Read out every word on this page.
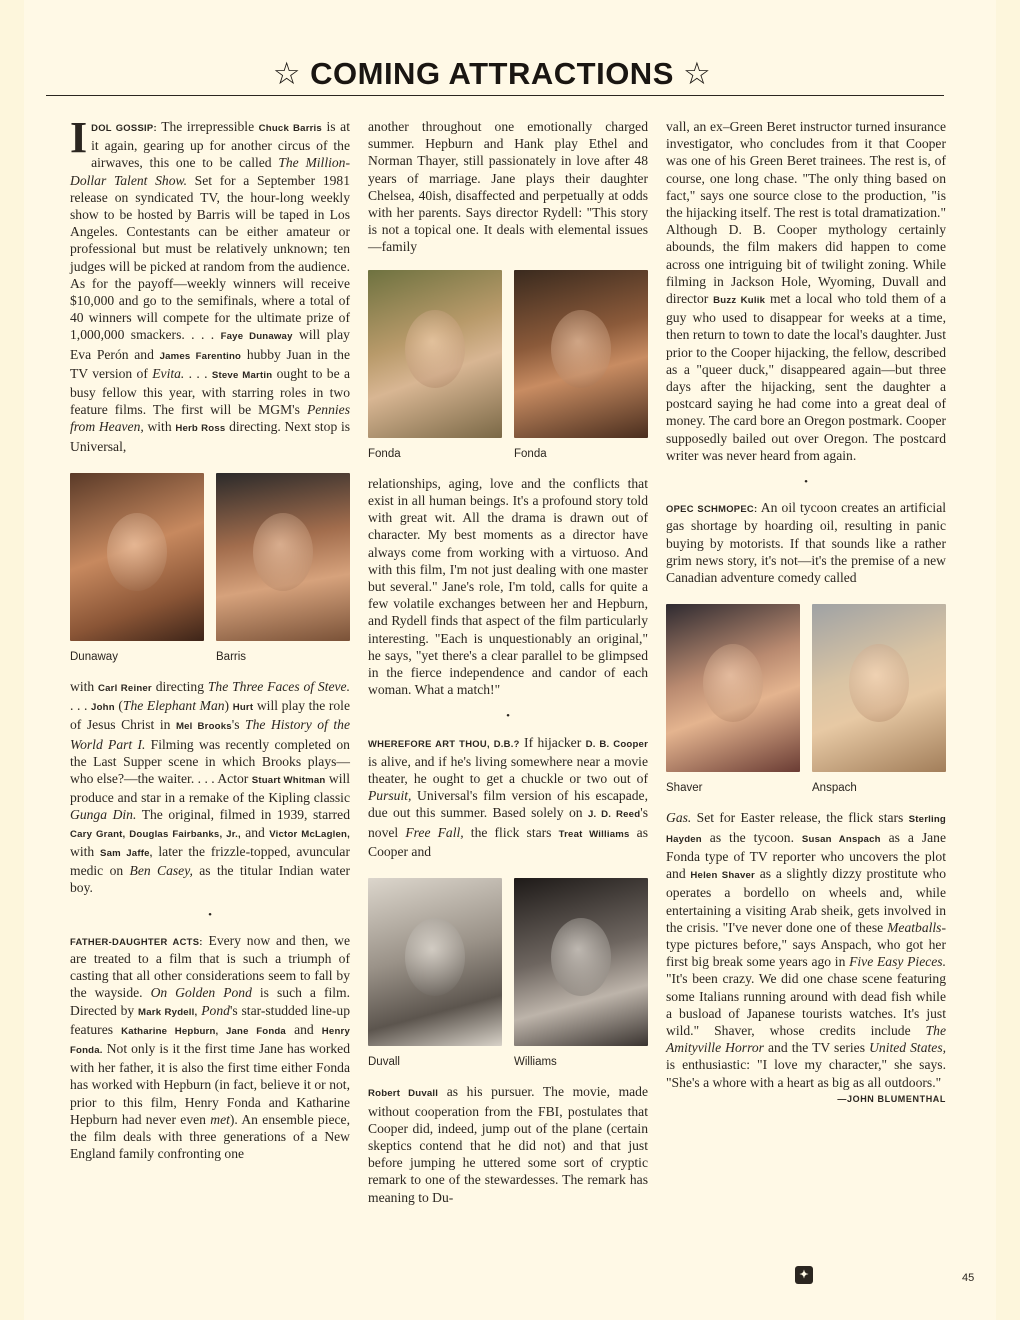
☆ COMING ATTRACTIONS ☆

IDOL GOSSIP: The irrepressible Chuck Barris is at it again, gearing up for another circus of the airwaves, this one to be called The Million-Dollar Talent Show. Set for a September 1981 release on syndicated TV, the hour-long weekly show to be hosted by Barris will be taped in Los Angeles. Contestants can be either amateur or professional but must be relatively unknown; ten judges will be picked at random from the audience. As for the payoff—weekly winners will receive $10,000 and go to the semifinals, where a total of 40 winners will compete for the ultimate prize of 1,000,000 smackers. . . . Faye Dunaway will play Eva Perón and James Farentino hubby Juan in the TV version of Evita. . . . Steve Martin ought to be a busy fellow this year, with starring roles in two feature films. The first will be MGM's Pennies from Heaven, with Herb Ross directing. Next stop is Universal,

Dunaway	Barris

with Carl Reiner directing The Three Faces of Steve. . . . John (The Elephant Man) Hurt will play the role of Jesus Christ in Mel Brooks's The History of the World Part I. Filming was recently completed on the Last Supper scene in which Brooks plays—who else?—the waiter. . . . Actor Stuart Whitman will produce and star in a remake of the Kipling classic Gunga Din. The original, filmed in 1939, starred Cary Grant, Douglas Fairbanks, Jr., and Victor McLaglen, with Sam Jaffe, later the frizzle-topped, avuncular medic on Ben Casey, as the titular Indian water boy.

•

FATHER-DAUGHTER ACTS: Every now and then, we are treated to a film that is such a triumph of casting that all other considerations seem to fall by the wayside. On Golden Pond is such a film. Directed by Mark Rydell, Pond's star-studded line-up features Katharine Hepburn, Jane Fonda and Henry Fonda. Not only is it the first time Jane has worked with her father, it is also the first time either Fonda has worked with Hepburn (in fact, believe it or not, prior to this film, Henry Fonda and Katharine Hepburn had never even met). An ensemble piece, the film deals with three generations of a New England family confronting one

another throughout one emotionally charged summer. Hepburn and Hank play Ethel and Norman Thayer, still passionately in love after 48 years of marriage. Jane plays their daughter Chelsea, 40ish, disaffected and perpetually at odds with her parents. Says director Rydell: "This story is not a topical one. It deals with elemental issues—family

Fonda	Fonda

relationships, aging, love and the conflicts that exist in all human beings. It's a profound story told with great wit. All the drama is drawn out of character. My best moments as a director have always come from working with a virtuoso. And with this film, I'm not just dealing with one master but several." Jane's role, I'm told, calls for quite a few volatile exchanges between her and Hepburn, and Rydell finds that aspect of the film particularly interesting. "Each is unquestionably an original," he says, "yet there's a clear parallel to be glimpsed in the fierce independence and candor of each woman. What a match!"

•

WHEREFORE ART THOU, D.B.? If hijacker D. B. Cooper is alive, and if he's living somewhere near a movie theater, he ought to get a chuckle or two out of Pursuit, Universal's film version of his escapade, due out this summer. Based solely on J. D. Reed's novel Free Fall, the flick stars Treat Williams as Cooper and

Duvall	Williams

Robert Duvall as his pursuer. The movie, made without cooperation from the FBI, postulates that Cooper did, indeed, jump out of the plane (certain skeptics contend that he did not) and that just before jumping he uttered some sort of cryptic remark to one of the stewardesses. The remark has meaning to Du-

vall, an ex–Green Beret instructor turned insurance investigator, who concludes from it that Cooper was one of his Green Beret trainees. The rest is, of course, one long chase. "The only thing based on fact," says one source close to the production, "is the hijacking itself. The rest is total dramatization." Although D. B. Cooper mythology certainly abounds, the film makers did happen to come across one intriguing bit of twilight zoning. While filming in Jackson Hole, Wyoming, Duvall and director Buzz Kulik met a local who told them of a guy who used to disappear for weeks at a time, then return to town to date the local's daughter. Just prior to the Cooper hijacking, the fellow, described as a "queer duck," disappeared again—but three days after the hijacking, sent the daughter a postcard saying he had come into a great deal of money. The card bore an Oregon postmark. Cooper supposedly bailed out over Oregon. The postcard writer was never heard from again.

•

OPEC SCHMOPEC: An oil tycoon creates an artificial gas shortage by hoarding oil, resulting in panic buying by motorists. If that sounds like a rather grim news story, it's not—it's the premise of a new Canadian adventure comedy called

Shaver	Anspach

Gas. Set for Easter release, the flick stars Sterling Hayden as the tycoon. Susan Anspach as a Jane Fonda type of TV reporter who uncovers the plot and Helen Shaver as a slightly dizzy prostitute who operates a bordello on wheels and, while entertaining a visiting Arab sheik, gets involved in the crisis. "I've never done one of these Meatballs-type pictures before," says Anspach, who got her first big break some years ago in Five Easy Pieces. "It's been crazy. We did one chase scene featuring some Italians running around with dead fish while a busload of Japanese tourists watches. It's just wild." Shaver, whose credits include The Amityville Horror and the TV series United States, is enthusiastic: "I love my character," she says. "She's a whore with a heart as big as all outdoors."
—JOHN BLUMENTHAL

✦	45
